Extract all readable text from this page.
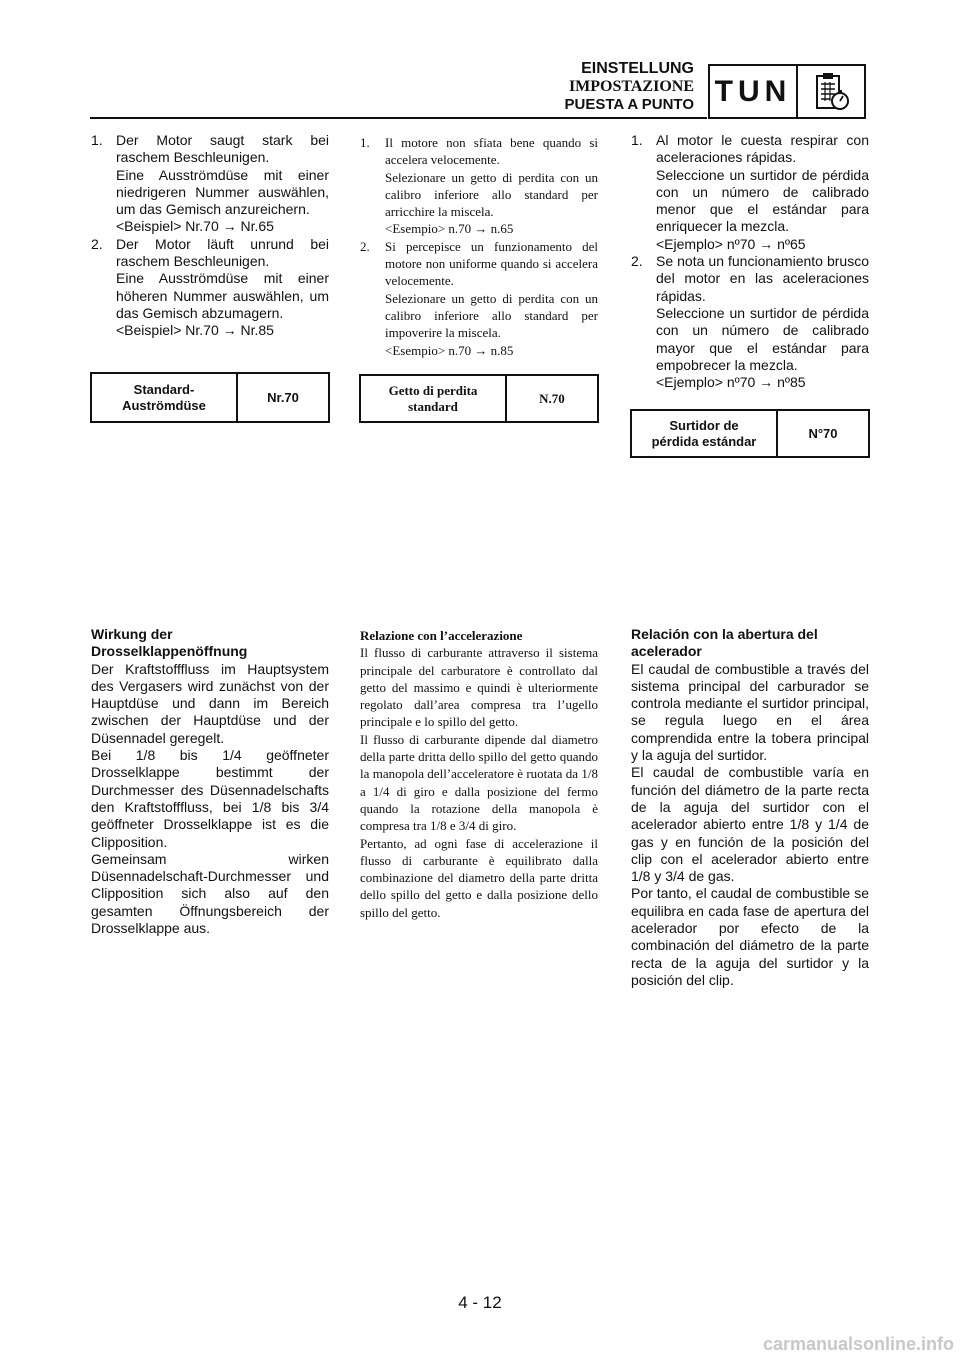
EINSTELLUNG
IMPOSTAZIONE
PUESTA A PUNTO TUN
1. Der Motor saugt stark bei raschem Beschleunigen.

Eine Ausströmdüse mit einer niedrigeren Nummer auswählen, um das Gemisch anzureichern.

<Beispiel> Nr.70 → Nr.65

2. Der Motor läuft unrund bei raschem Beschleunigen.

Eine Ausströmdüse mit einer höheren Nummer auswählen, um das Gemisch abzumagern.

<Beispiel> Nr.70 → Nr.85

Standard-
Auströmdüse	Nr.70

Wirkung der
Drosselklappenöffnung

Der Kraftstofffluss im Hauptsystem des Vergasers wird zunächst von der Hauptdüse und dann im Bereich zwischen der Hauptdüse und der Düsennadel geregelt.

Bei 1/8 bis 1/4 geöffneter Drosselklappe bestimmt der Durchmesser des Düsennadelschafts den Kraftstofffluss, bei 1/8 bis 3/4 geöffneter Drosselklappe ist es die Clipposition.

Gemeinsam wirken Düsennadelschaft-Durchmesser und Clipposition sich also auf den gesamten Öffnungsbereich der Drosselklappe aus.

1. Il motore non sfiata bene quando si accelera velocemente.

Selezionare un getto di perdita con un calibro inferiore allo standard per arricchire la miscela.

<Esempio> n.70 → n.65

2. Si percepisce un funzionamento del motore non uniforme quando si accelera velocemente.

Selezionare un getto di perdita con un calibro inferiore allo standard per impoverire la miscela.

<Esempio> n.70 → n.85

Getto di perdita
standard	N.70

Relazione con l’accelerazione

Il flusso di carburante attraverso il sistema principale del carburatore è controllato dal getto del massimo e quindi è ulteriormente regolato dall’area compresa tra l’ugello principale e lo spillo del getto.

Il flusso di carburante dipende dal diametro della parte dritta dello spillo del getto quando la manopola dell’acceleratore è ruotata da 1/8 a 1/4 di giro e dalla posizione del fermo quando la rotazione della manopola è compresa tra 1/8 e 3/4 di giro.

Pertanto, ad ogni fase di accelerazione il flusso di carburante è equilibrato dalla combinazione del diametro della parte dritta dello spillo del getto e dalla posizione dello spillo del getto.

1. Al motor le cuesta respirar con aceleraciones rápidas.

Seleccione un surtidor de pérdida con un número de calibrado menor que el estándar para enriquecer la mezcla.

<Ejemplo> nº70 → nº65

2. Se nota un funcionamiento brusco del motor en las aceleraciones rápidas.

Seleccione un surtidor de pérdida con un número de calibrado mayor que el estándar para empobrecer la mezcla.

<Ejemplo> nº70 → nº85

Surtidor de
pérdida estándar	N°70

Relación con la abertura del
acelerador

El caudal de combustible a través del sistema principal del carburador se controla mediante el surtidor principal, se regula luego en el área comprendida entre la tobera principal y la aguja del surtidor.

El caudal de combustible varía en función del diámetro de la parte recta de la aguja del surtidor con el acelerador abierto entre 1/8 y 1/4 de gas y en función de la posición del clip con el acelerador abierto entre 1/8 y 3/4 de gas.

Por tanto, el caudal de combustible se equilibra en cada fase de apertura del acelerador por efecto de la combinación del diámetro de la parte recta de la aguja del surtidor y la posición del clip.

4 - 12
carmanualsonline.info
